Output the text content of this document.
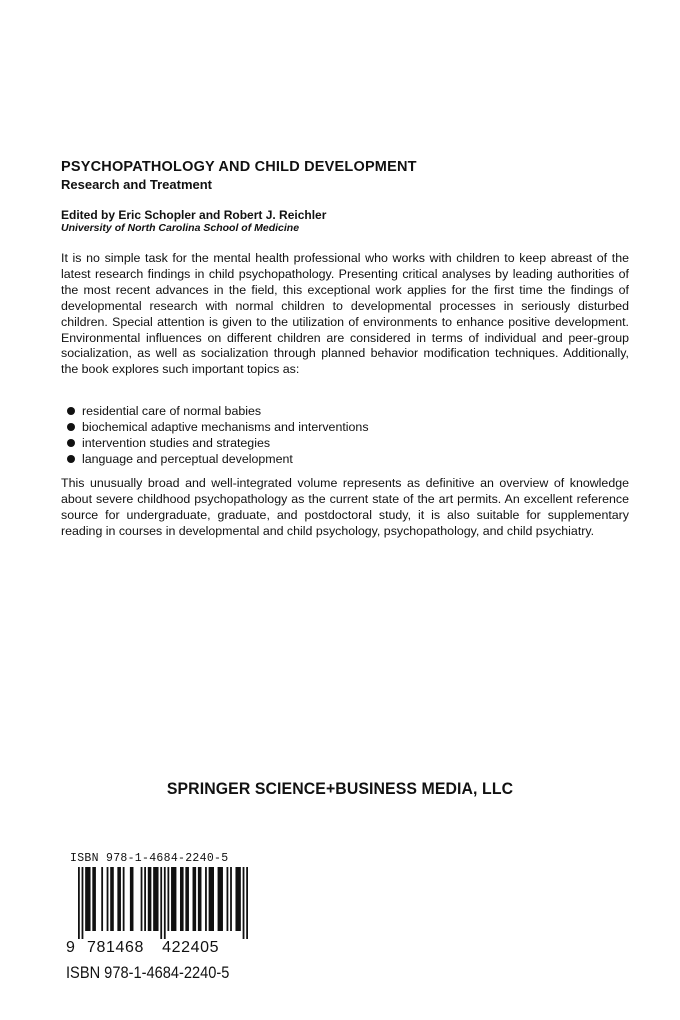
PSYCHOPATHOLOGY AND CHILD DEVELOPMENT
Research and Treatment
Edited by Eric Schopler and Robert J. Reichler
University of North Carolina School of Medicine

It is no simple task for the mental health professional who works with children to keep abreast of the latest research findings in child psychopathology. Presenting critical analyses by leading authorities of the most recent advances in the field, this exceptional work applies for the first time the findings of developmental research with normal children to developmental processes in seriously disturbed children. Special attention is given to the utilization of environments to enhance positive development. Environmental influences on different children are considered in terms of individual and peer-group socialization, as well as socialization through planned behavior modification techniques. Additionally, the book explores such important topics as:

residential care of normal babies
biochemical adaptive mechanisms and interventions
intervention studies and strategies
language and perceptual development

This unusually broad and well-integrated volume represents as definitive an overview of knowledge about severe childhood psychopathology as the current state of the art permits. An excellent reference source for undergraduate, graduate, and postdoctoral study, it is also suitable for supplementary reading in courses in developmental and child psychology, psychopathology, and child psychiatry.

SPRINGER SCIENCE+BUSINESS MEDIA, LLC
ISBN 978-1-4684-2240-5
9 781468 422405
ISBN 978-1-4684-2240-5
